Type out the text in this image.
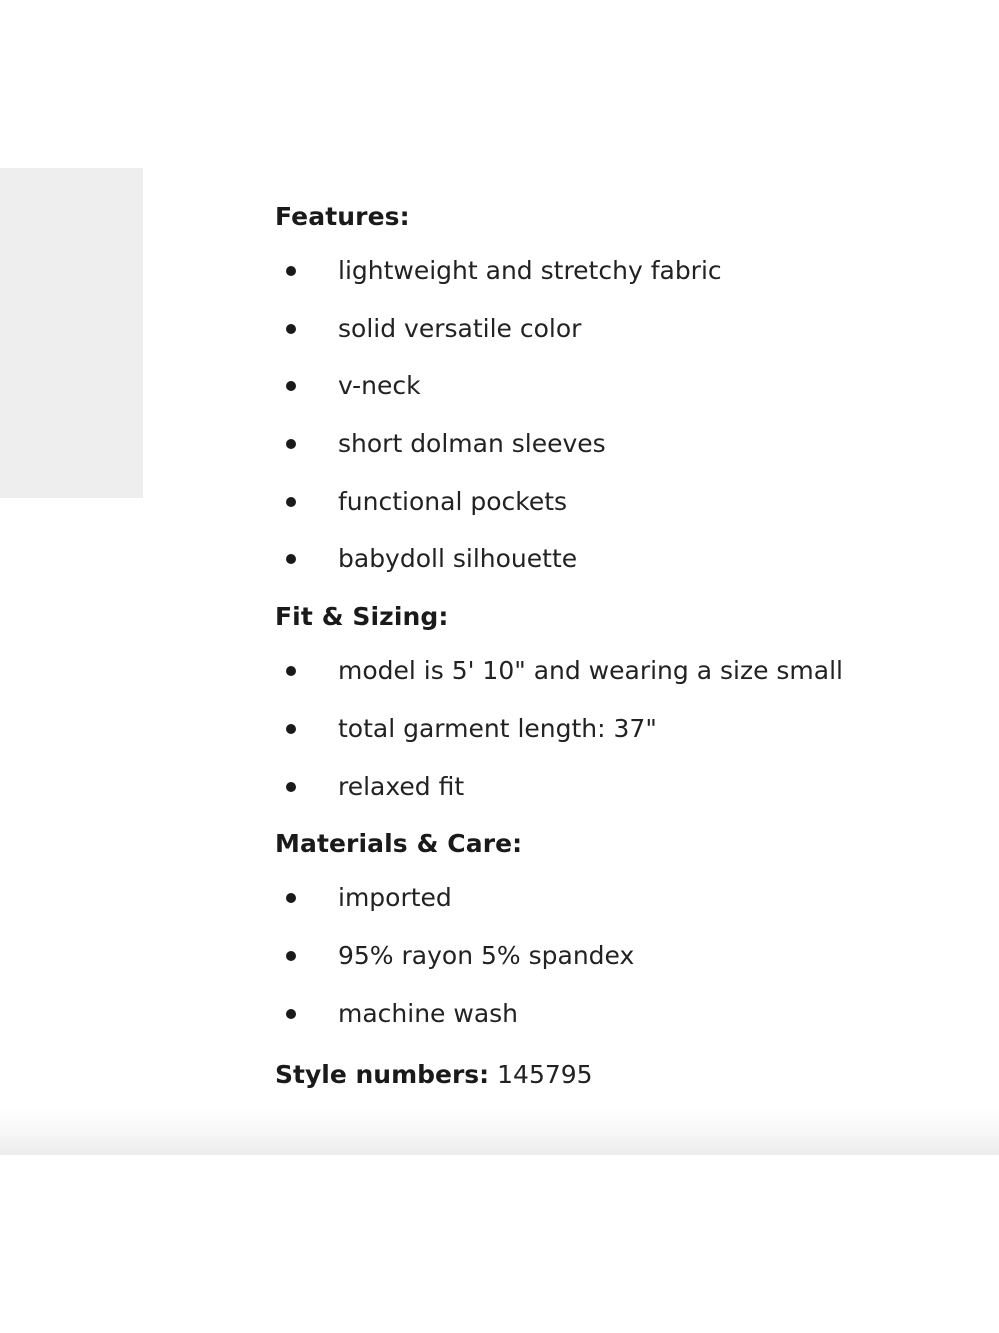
Features:
lightweight and stretchy fabric
solid versatile color
v-neck
short dolman sleeves
functional pockets
babydoll silhouette
Fit & Sizing:
model is 5' 10" and wearing a size small
total garment length: 37"
relaxed fit
Materials & Care:
imported
95% rayon 5% spandex
machine wash
Style numbers: 145795
